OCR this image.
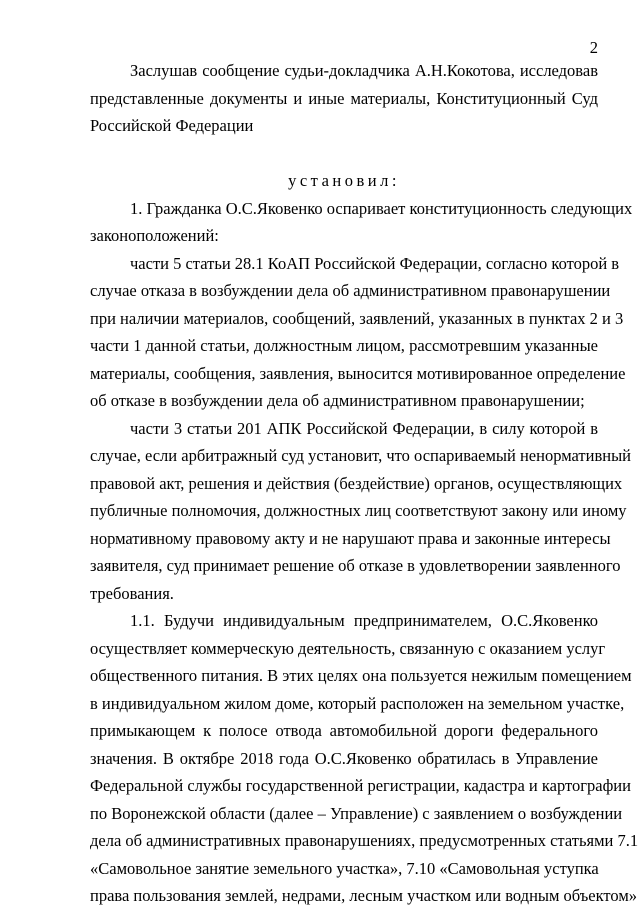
2
Заслушав сообщение судьи-докладчика А.Н.Кокотова, исследовав
представленные документы и иные материалы, Конституционный Суд
Российской Федерации
установил:
1. Гражданка О.С.Яковенко оспаривает конституционность следующих
законоположений:
части 5 статьи 28.1 КоАП Российской Федерации, согласно которой в
случае отказа в возбуждении дела об административном правонарушении
при наличии материалов, сообщений, заявлений, указанных в пунктах 2 и 3
части 1 данной статьи, должностным лицом, рассмотревшим указанные
материалы, сообщения, заявления, выносится мотивированное определение
об отказе в возбуждении дела об административном правонарушении;
части 3 статьи 201 АПК Российской Федерации, в силу которой в
случае, если арбитражный суд установит, что оспариваемый ненормативный
правовой акт, решения и действия (бездействие) органов, осуществляющих
публичные полномочия, должностных лиц соответствуют закону или иному
нормативному правовому акту и не нарушают права и законные интересы
заявителя, суд принимает решение об отказе в удовлетворении заявленного
требования.
1.1. Будучи индивидуальным предпринимателем, О.С.Яковенко
осуществляет коммерческую деятельность, связанную с оказанием услуг
общественного питания. В этих целях она пользуется нежилым помещением
в индивидуальном жилом доме, который расположен на земельном участке,
примыкающем к полосе отвода автомобильной дороги федерального
значения. В октябре 2018 года О.С.Яковенко обратилась в Управление
Федеральной службы государственной регистрации, кадастра и картографии
по Воронежской области (далее – Управление) с заявлением о возбуждении
дела об административных правонарушениях, предусмотренных статьями 7.1
«Самовольное занятие земельного участка», 7.10 «Самовольная уступка
права пользования землей, недрами, лесным участком или водным объектом»
